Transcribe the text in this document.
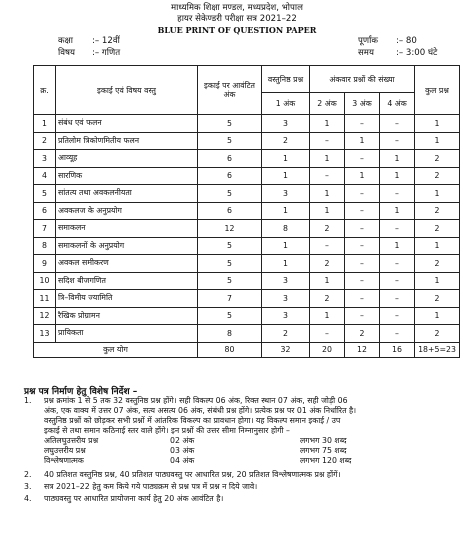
माध्यमिक शिक्षा मण्डल, मध्यप्रदेश, भोपाल
हायर सेकेण्डरी परीक्षा सत्र 2021–22
BLUE PRINT OF QUESTION PAPER
कक्षा :– 12वीं
विषय :– गणित
पूर्णांक :– 80
समय	:– 3:00 घंटे
क्र.	इकाई एवं विषय वस्तु	इकाई पर आवंटित अंक	वस्तुनिष्ठ प्रश्न	अंकवार प्रश्नों की संख्या			कुल प्रश्न
			1 अंक	2 अंक	3 अंक	4 अंक	
1	संबंध एवं फलन	5	3	1	–	–	1
2	प्रतिलोम त्रिकोणमितीय फलन	5	2	–	1	–	1
3	आव्यूह	6	1	1	–	1	2
4	सारणिक	6	1	–	1	1	2
5	सांतत्य तथा अवकलनीयता	5	3	1	–	–	1
6	अवकलज के अनुप्रयोग	6	1	1	–	1	2
7	समाकलन	12	8	2	–	–	2
8	समाकलनों के अनुप्रयोग	5	1	–	–	1	1
9	अवकल समीकरण	5	1	2	–	–	2
10	सदिश बीजगणित	5	3	1	–	–	1
11	त्रि–विमीय ज्यामिति	7	3	2	–	–	2
12	रैखिक प्रोग्रामन	5	3	1	–	–	1
13	प्रायिकता	8	2	–	2	–	2
कुल योग		80	32	20	12	16	18+5=23
प्रश्न पत्र निर्माण हेतु विशेष निर्देश –
1. प्रश्न क्रमांक 1 से 5 तक 32 वस्तुनिष्ठ प्रश्न होंगे। सही विकल्प 06 अंक, रिक्त स्थान 07 अंक, सही जोड़ी 06
अंक, एक वाक्य में उत्तर 07 अंक, सत्य असत्य 06 अंक, संबंधी प्रश्न होंगे। प्रत्येक प्रश्न पर 01 अंक निर्धारित है।
वस्तुनिष्ठ प्रश्नों को छोड़कर सभी प्रश्नों में आंतरिक विकल्प का प्रावधान होगा। यह विकल्प समान इकाई / उप
इकाई से तथा समान कठिनाई स्तर वाले होंगे। इन प्रश्नों की उत्तर सीमा निम्नानुसार होगी –
अतिलघुउत्तरीय प्रश्न	02 अंक	लगभग 30 शब्द
लघुउत्तरीय प्रश्न	03 अंक	लगभग 75 शब्द
विश्लेषणात्मक	04 अंक	लगभग 120 शब्द
2. 40 प्रतिशत वस्तुनिष्ठ प्रश्न, 40 प्रतिशत पाठ्यवस्तु पर आधारित प्रश्न, 20 प्रतिशत विश्लेषणात्मक प्रश्न होंगें।
3. सत्र 2021–22 हेतु कम किये गये पाठ्यक्रम से प्रश्न पत्र में प्रश्न न दिये जावे।
4. पाठ्यवस्तु पर आधारित प्रायोजना कार्य हेतु 20 अंक आवंटित है।
